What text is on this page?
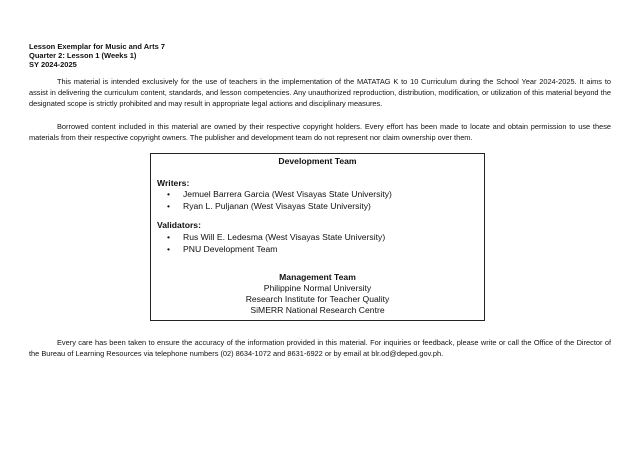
Lesson Exemplar for Music and Arts 7
Quarter 2: Lesson 1 (Weeks 1)
SY 2024-2025

This material is intended exclusively for the use of teachers in the implementation of the MATATAG K to 10 Curriculum during the School Year 2024-2025. It aims to assist in delivering the curriculum content, standards, and lesson competencies. Any unauthorized reproduction, distribution, modification, or utilization of this material beyond the designated scope is strictly prohibited and may result in appropriate legal actions and disciplinary measures.

Borrowed content included in this material are owned by their respective copyright holders. Every effort has been made to locate and obtain permission to use these materials from their respective copyright owners. The publisher and development team do not represent nor claim ownership over them.

Development Team
Writers:
• Jemuel Barrera Garcia (West Visayas State University)
• Ryan L. Puljanan (West Visayas State University)
Validators:
• Rus Will E. Ledesma (West Visayas State University)
• PNU Development Team
Management Team
Philippine Normal University
Research Institute for Teacher Quality
SiMERR National Research Centre

Every care has been taken to ensure the accuracy of the information provided in this material. For inquiries or feedback, please write or call the Office of the Director of the Bureau of Learning Resources via telephone numbers (02) 8634-1072 and 8631-6922 or by email at blr.od@deped.gov.ph.
